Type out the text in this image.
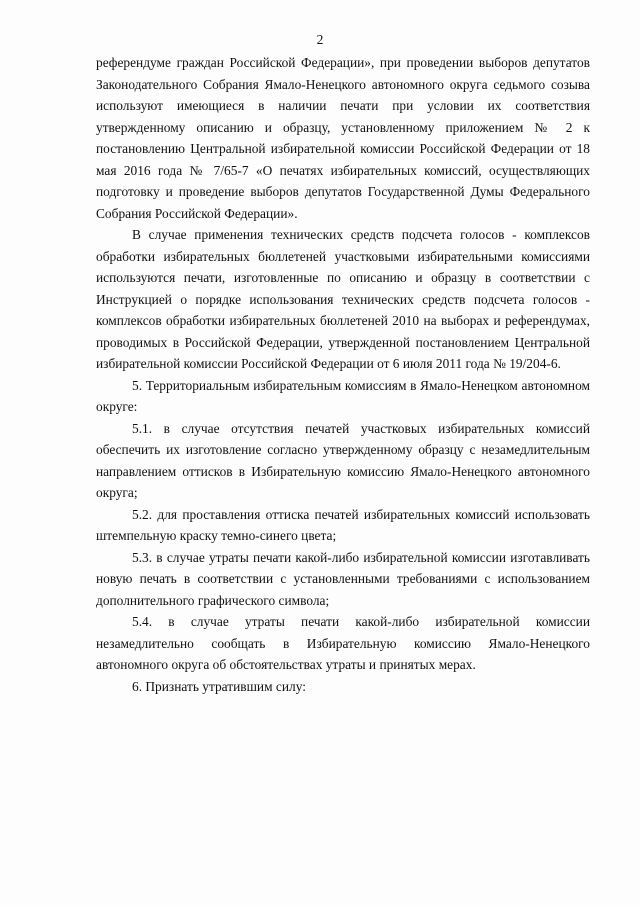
2

референдуме граждан Российской Федерации», при проведении выборов депутатов Законодательного Собрания Ямало-Ненецкого автономного округа седьмого созыва используют имеющиеся в наличии печати при условии их соответствия утвержденному описанию и образцу, установленному приложением № 2 к постановлению Центральной избирательной комиссии Российской Федерации от 18 мая 2016 года № 7/65-7 «О печатях избирательных комиссий, осуществляющих подготовку и проведение выборов депутатов Государственной Думы Федерального Собрания Российской Федерации».

В случае применения технических средств подсчета голосов - комплексов обработки избирательных бюллетеней участковыми избирательными комиссиями используются печати, изготовленные по описанию и образцу в соответствии с Инструкцией о порядке использования технических средств подсчета голосов - комплексов обработки избирательных бюллетеней 2010 на выборах и референдумах, проводимых в Российской Федерации, утвержденной постановлением Центральной избирательной комиссии Российской Федерации от 6 июля 2011 года № 19/204-6.

5. Территориальным избирательным комиссиям в Ямало-Ненецком автономном округе:

5.1. в случае отсутствия печатей участковых избирательных комиссий обеспечить их изготовление согласно утвержденному образцу с незамедлительным направлением оттисков в Избирательную комиссию Ямало-Ненецкого автономного округа;

5.2. для проставления оттиска печатей избирательных комиссий использовать штемпельную краску темно-синего цвета;

5.3. в случае утраты печати какой-либо избирательной комиссии изготавливать новую печать в соответствии с установленными требованиями с использованием дополнительного графического символа;

5.4. в случае утраты печати какой-либо избирательной комиссии незамедлительно сообщать в Избирательную комиссию Ямало-Ненецкого автономного округа об обстоятельствах утраты и принятых мерах.

6. Признать утратившим силу:
